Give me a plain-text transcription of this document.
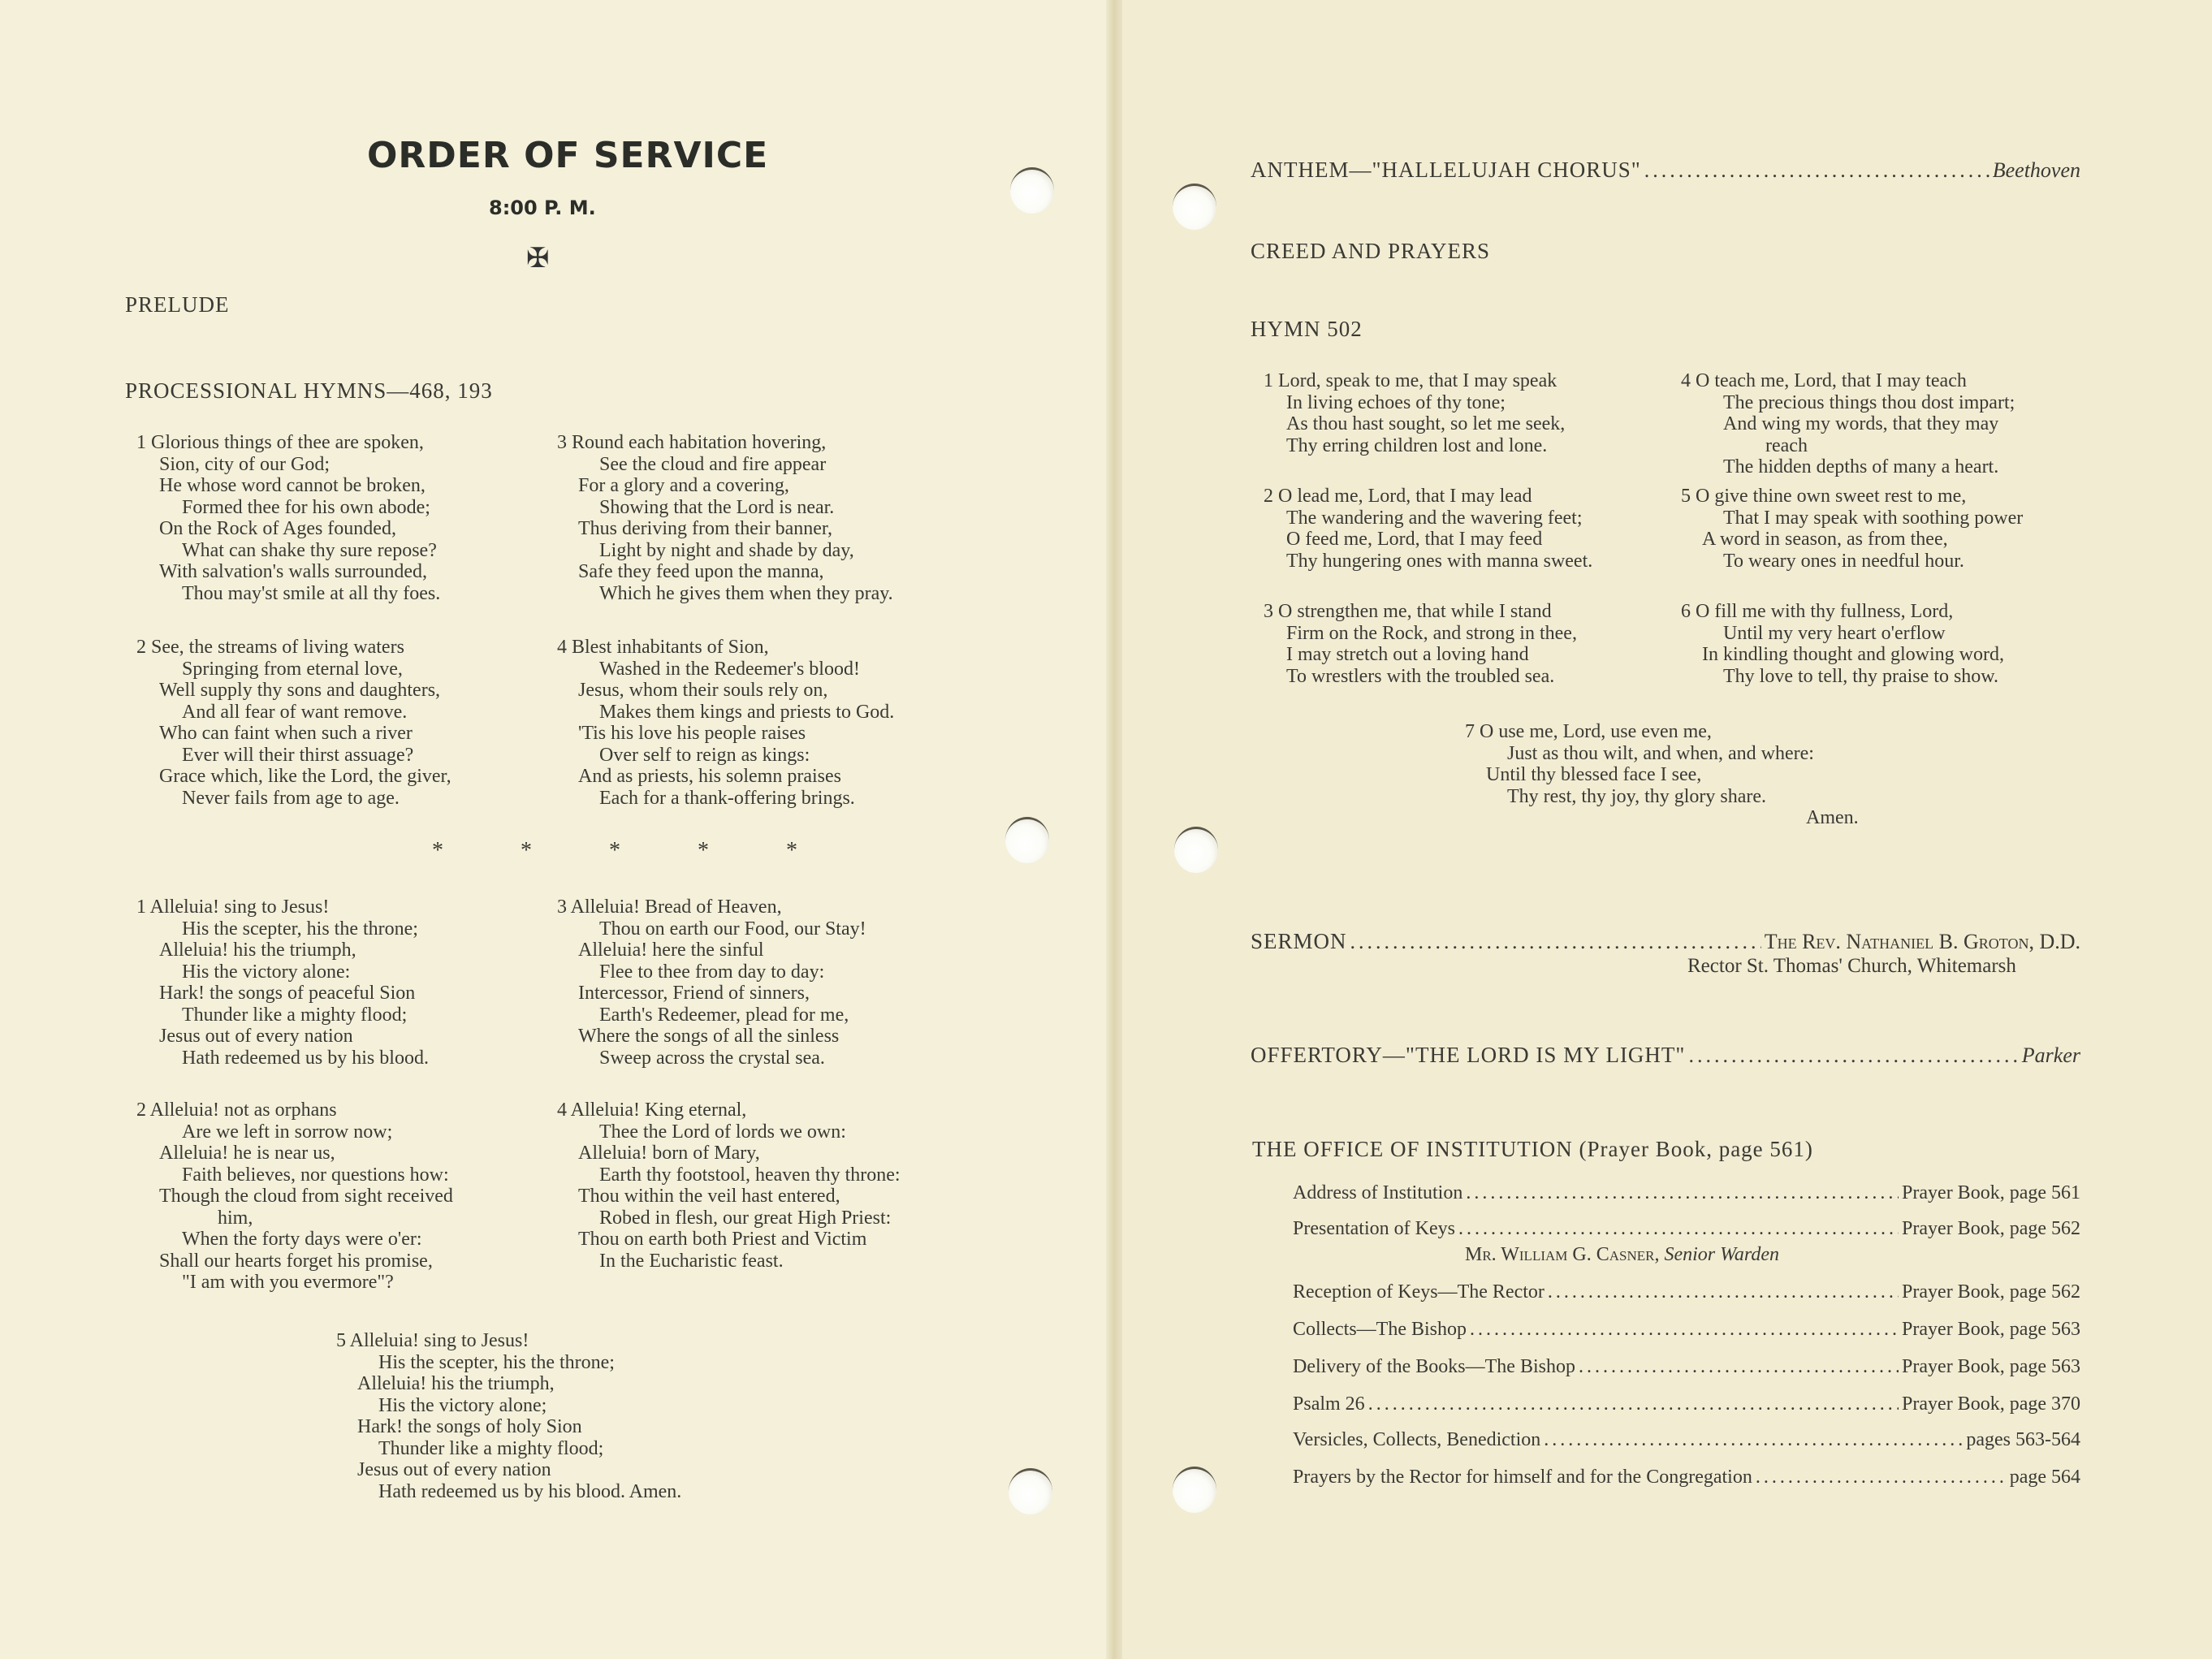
ORDER OF SERVICE
8:00 P. M.
✠
PRELUDE
PROCESSIONAL HYMNS—468, 193
1 Glorious things of thee are spoken,
Sion, city of our God;
He whose word cannot be broken,
Formed thee for his own abode;
On the Rock of Ages founded,
What can shake thy sure repose?
With salvation's walls surrounded,
Thou may'st smile at all thy foes.
2 See, the streams of living waters
Springing from eternal love,
Well supply thy sons and daughters,
And all fear of want remove.
Who can faint when such a river
Ever will their thirst assuage?
Grace which, like the Lord, the giver,
Never fails from age to age.
3 Round each habitation hovering,
See the cloud and fire appear
For a glory and a covering,
Showing that the Lord is near.
Thus deriving from their banner,
Light by night and shade by day,
Safe they feed upon the manna,
Which he gives them when they pray.
4 Blest inhabitants of Sion,
Washed in the Redeemer's blood!
Jesus, whom their souls rely on,
Makes them kings and priests to God.
'Tis his love his people raises
Over self to reign as kings:
And as priests, his solemn praises
Each for a thank-offering brings.
* * * * *
1 Alleluia! sing to Jesus!
His the scepter, his the throne;
Alleluia! his the triumph,
His the victory alone:
Hark! the songs of peaceful Sion
Thunder like a mighty flood;
Jesus out of every nation
Hath redeemed us by his blood.
2 Alleluia! not as orphans
Are we left in sorrow now;
Alleluia! he is near us,
Faith believes, nor questions how:
Though the cloud from sight received
him,
When the forty days were o'er:
Shall our hearts forget his promise,
"I am with you evermore"?
3 Alleluia! Bread of Heaven,
Thou on earth our Food, our Stay!
Alleluia! here the sinful
Flee to thee from day to day:
Intercessor, Friend of sinners,
Earth's Redeemer, plead for me,
Where the songs of all the sinless
Sweep across the crystal sea.
4 Alleluia! King eternal,
Thee the Lord of lords we own:
Alleluia! born of Mary,
Earth thy footstool, heaven thy throne:
Thou within the veil hast entered,
Robed in flesh, our great High Priest:
Thou on earth both Priest and Victim
In the Eucharistic feast.
5 Alleluia! sing to Jesus!
His the scepter, his the throne;
Alleluia! his the triumph,
His the victory alone;
Hark! the songs of holy Sion
Thunder like a mighty flood;
Jesus out of every nation
Hath redeemed us by his blood. Amen.
ANTHEM—"HALLELUJAH CHORUS" .....	Beethoven
CREED AND PRAYERS
HYMN 502
1 Lord, speak to me, that I may speak
In living echoes of thy tone;
As thou hast sought, so let me seek,
Thy erring children lost and lone.
2 O lead me, Lord, that I may lead
The wandering and the wavering feet;
O feed me, Lord, that I may feed
Thy hungering ones with manna sweet.
3 O strengthen me, that while I stand
Firm on the Rock, and strong in thee,
I may stretch out a loving hand
To wrestlers with the troubled sea.
4 O teach me, Lord, that I may teach
The precious things thou dost impart;
And wing my words, that they may
reach
The hidden depths of many a heart.
5 O give thine own sweet rest to me,
That I may speak with soothing power
A word in season, as from thee,
To weary ones in needful hour.
6 O fill me with thy fullness, Lord,
Until my very heart o'erflow
In kindling thought and glowing word,
Thy love to tell, thy praise to show.
7 O use me, Lord, use even me,
Just as thou wilt, and when, and where:
Until thy blessed face I see,
Thy rest, thy joy, thy glory share.
Amen.
SERMON .....	The Rev. Nathaniel B. Groton, D.D.
Rector St. Thomas' Church, Whitemarsh
OFFERTORY—"THE LORD IS MY LIGHT" .....	Parker
THE OFFICE OF INSTITUTION (Prayer Book, page 561)
Address of Institution .....	Prayer Book, page 561
Presentation of Keys .....	Prayer Book, page 562
Mr. William G. Casner, Senior Warden
Reception of Keys—The Rector .....	Prayer Book, page 562
Collects—The Bishop .....	Prayer Book, page 563
Delivery of the Books—The Bishop .....	Prayer Book, page 563
Psalm 26 .....	Prayer Book, page 370
Versicles, Collects, Benediction .....	pages 563-564
Prayers by the Rector for himself and for the Congregation .....	page 564
